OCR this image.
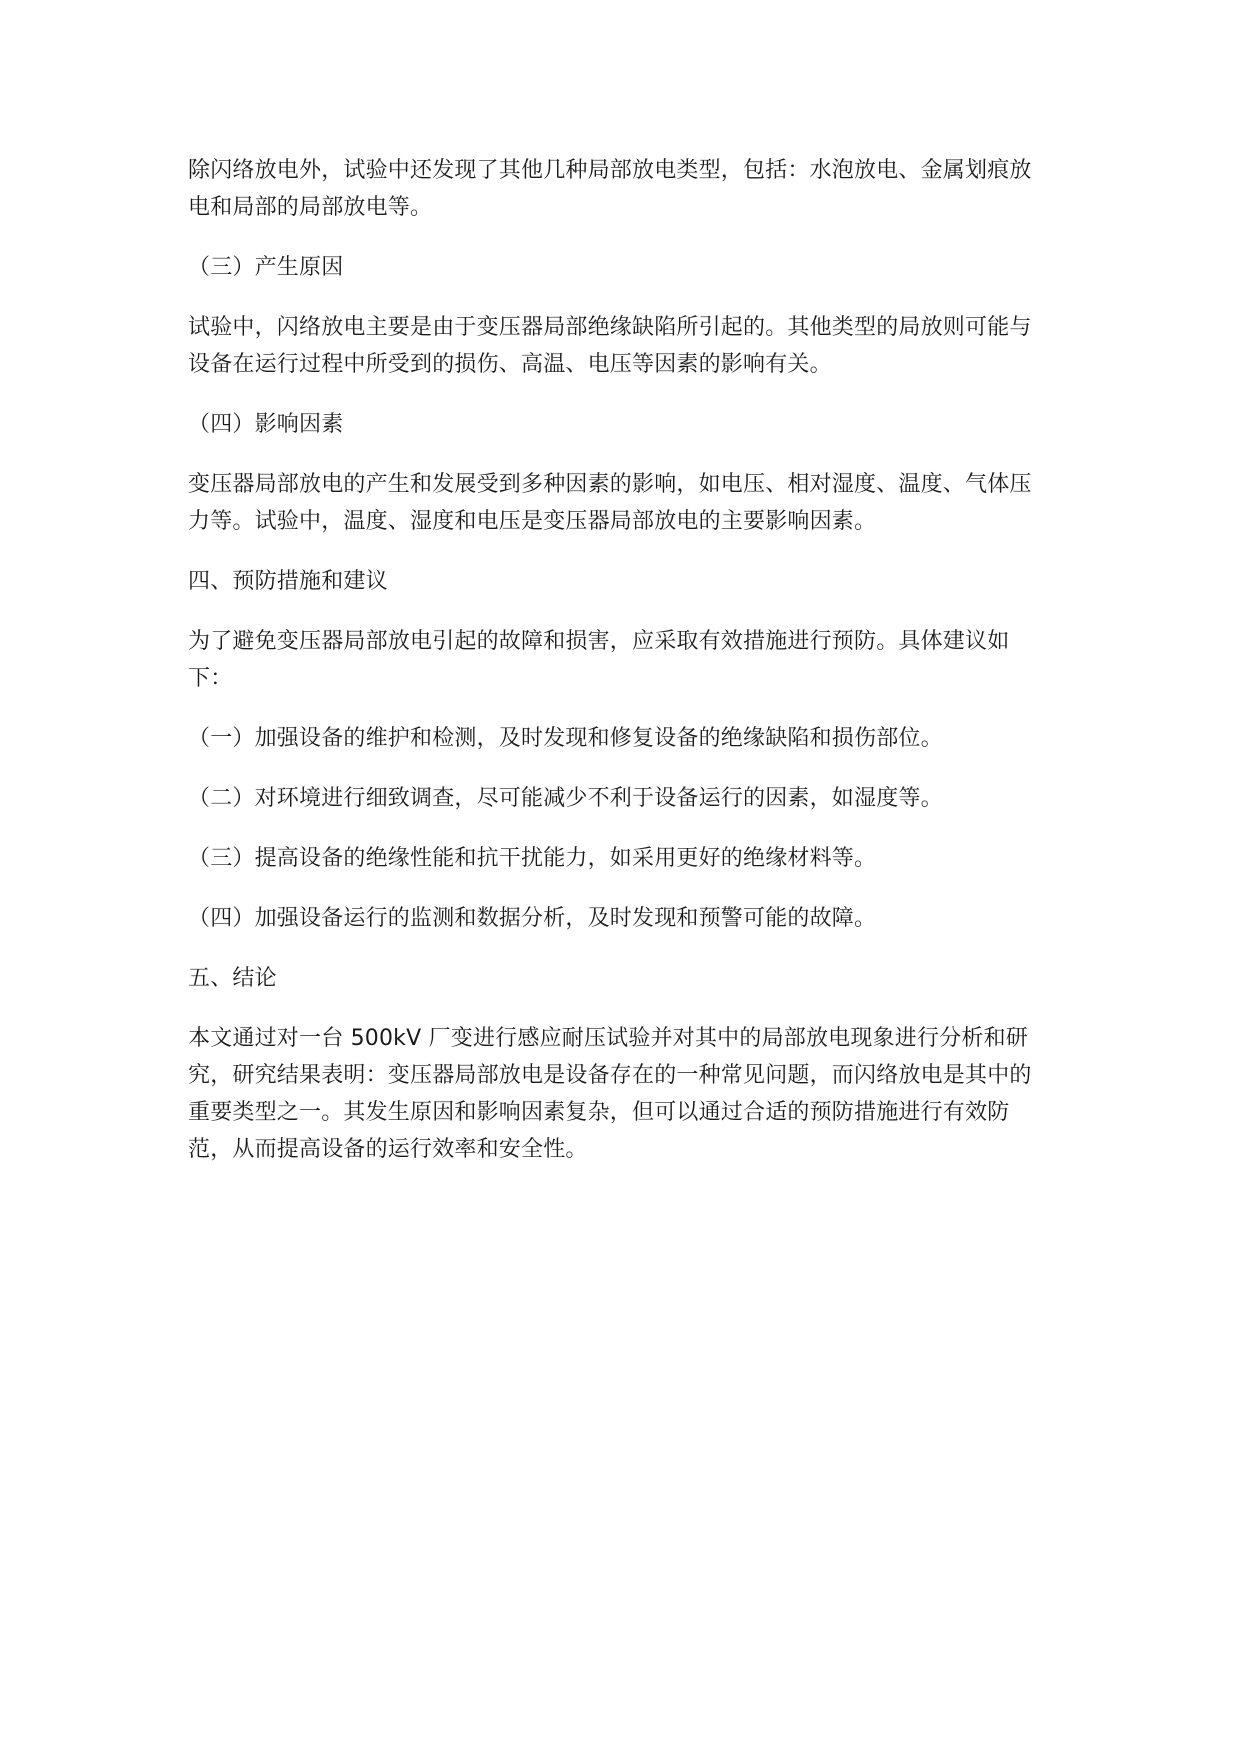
除闪络放电外，试验中还发现了其他几种局部放电类型，包括：水泡放电、金属划痕放电和局部的局部放电等。

（三）产生原因

试验中，闪络放电主要是由于变压器局部绝缘缺陷所引起的。其他类型的局放则可能与设备在运行过程中所受到的损伤、高温、电压等因素的影响有关。

（四）影响因素

变压器局部放电的产生和发展受到多种因素的影响，如电压、相对湿度、温度、气体压力等。试验中，温度、湿度和电压是变压器局部放电的主要影响因素。

四、预防措施和建议

为了避免变压器局部放电引起的故障和损害，应采取有效措施进行预防。具体建议如下：

（一）加强设备的维护和检测，及时发现和修复设备的绝缘缺陷和损伤部位。

（二）对环境进行细致调查，尽可能减少不利于设备运行的因素，如湿度等。

（三）提高设备的绝缘性能和抗干扰能力，如采用更好的绝缘材料等。

（四）加强设备运行的监测和数据分析，及时发现和预警可能的故障。

五、结论

本文通过对一台 500kV 厂变进行感应耐压试验并对其中的局部放电现象进行分析和研究，研究结果表明：变压器局部放电是设备存在的一种常见问题，而闪络放电是其中的重要类型之一。其发生原因和影响因素复杂，但可以通过合适的预防措施进行有效防范，从而提高设备的运行效率和安全性。
